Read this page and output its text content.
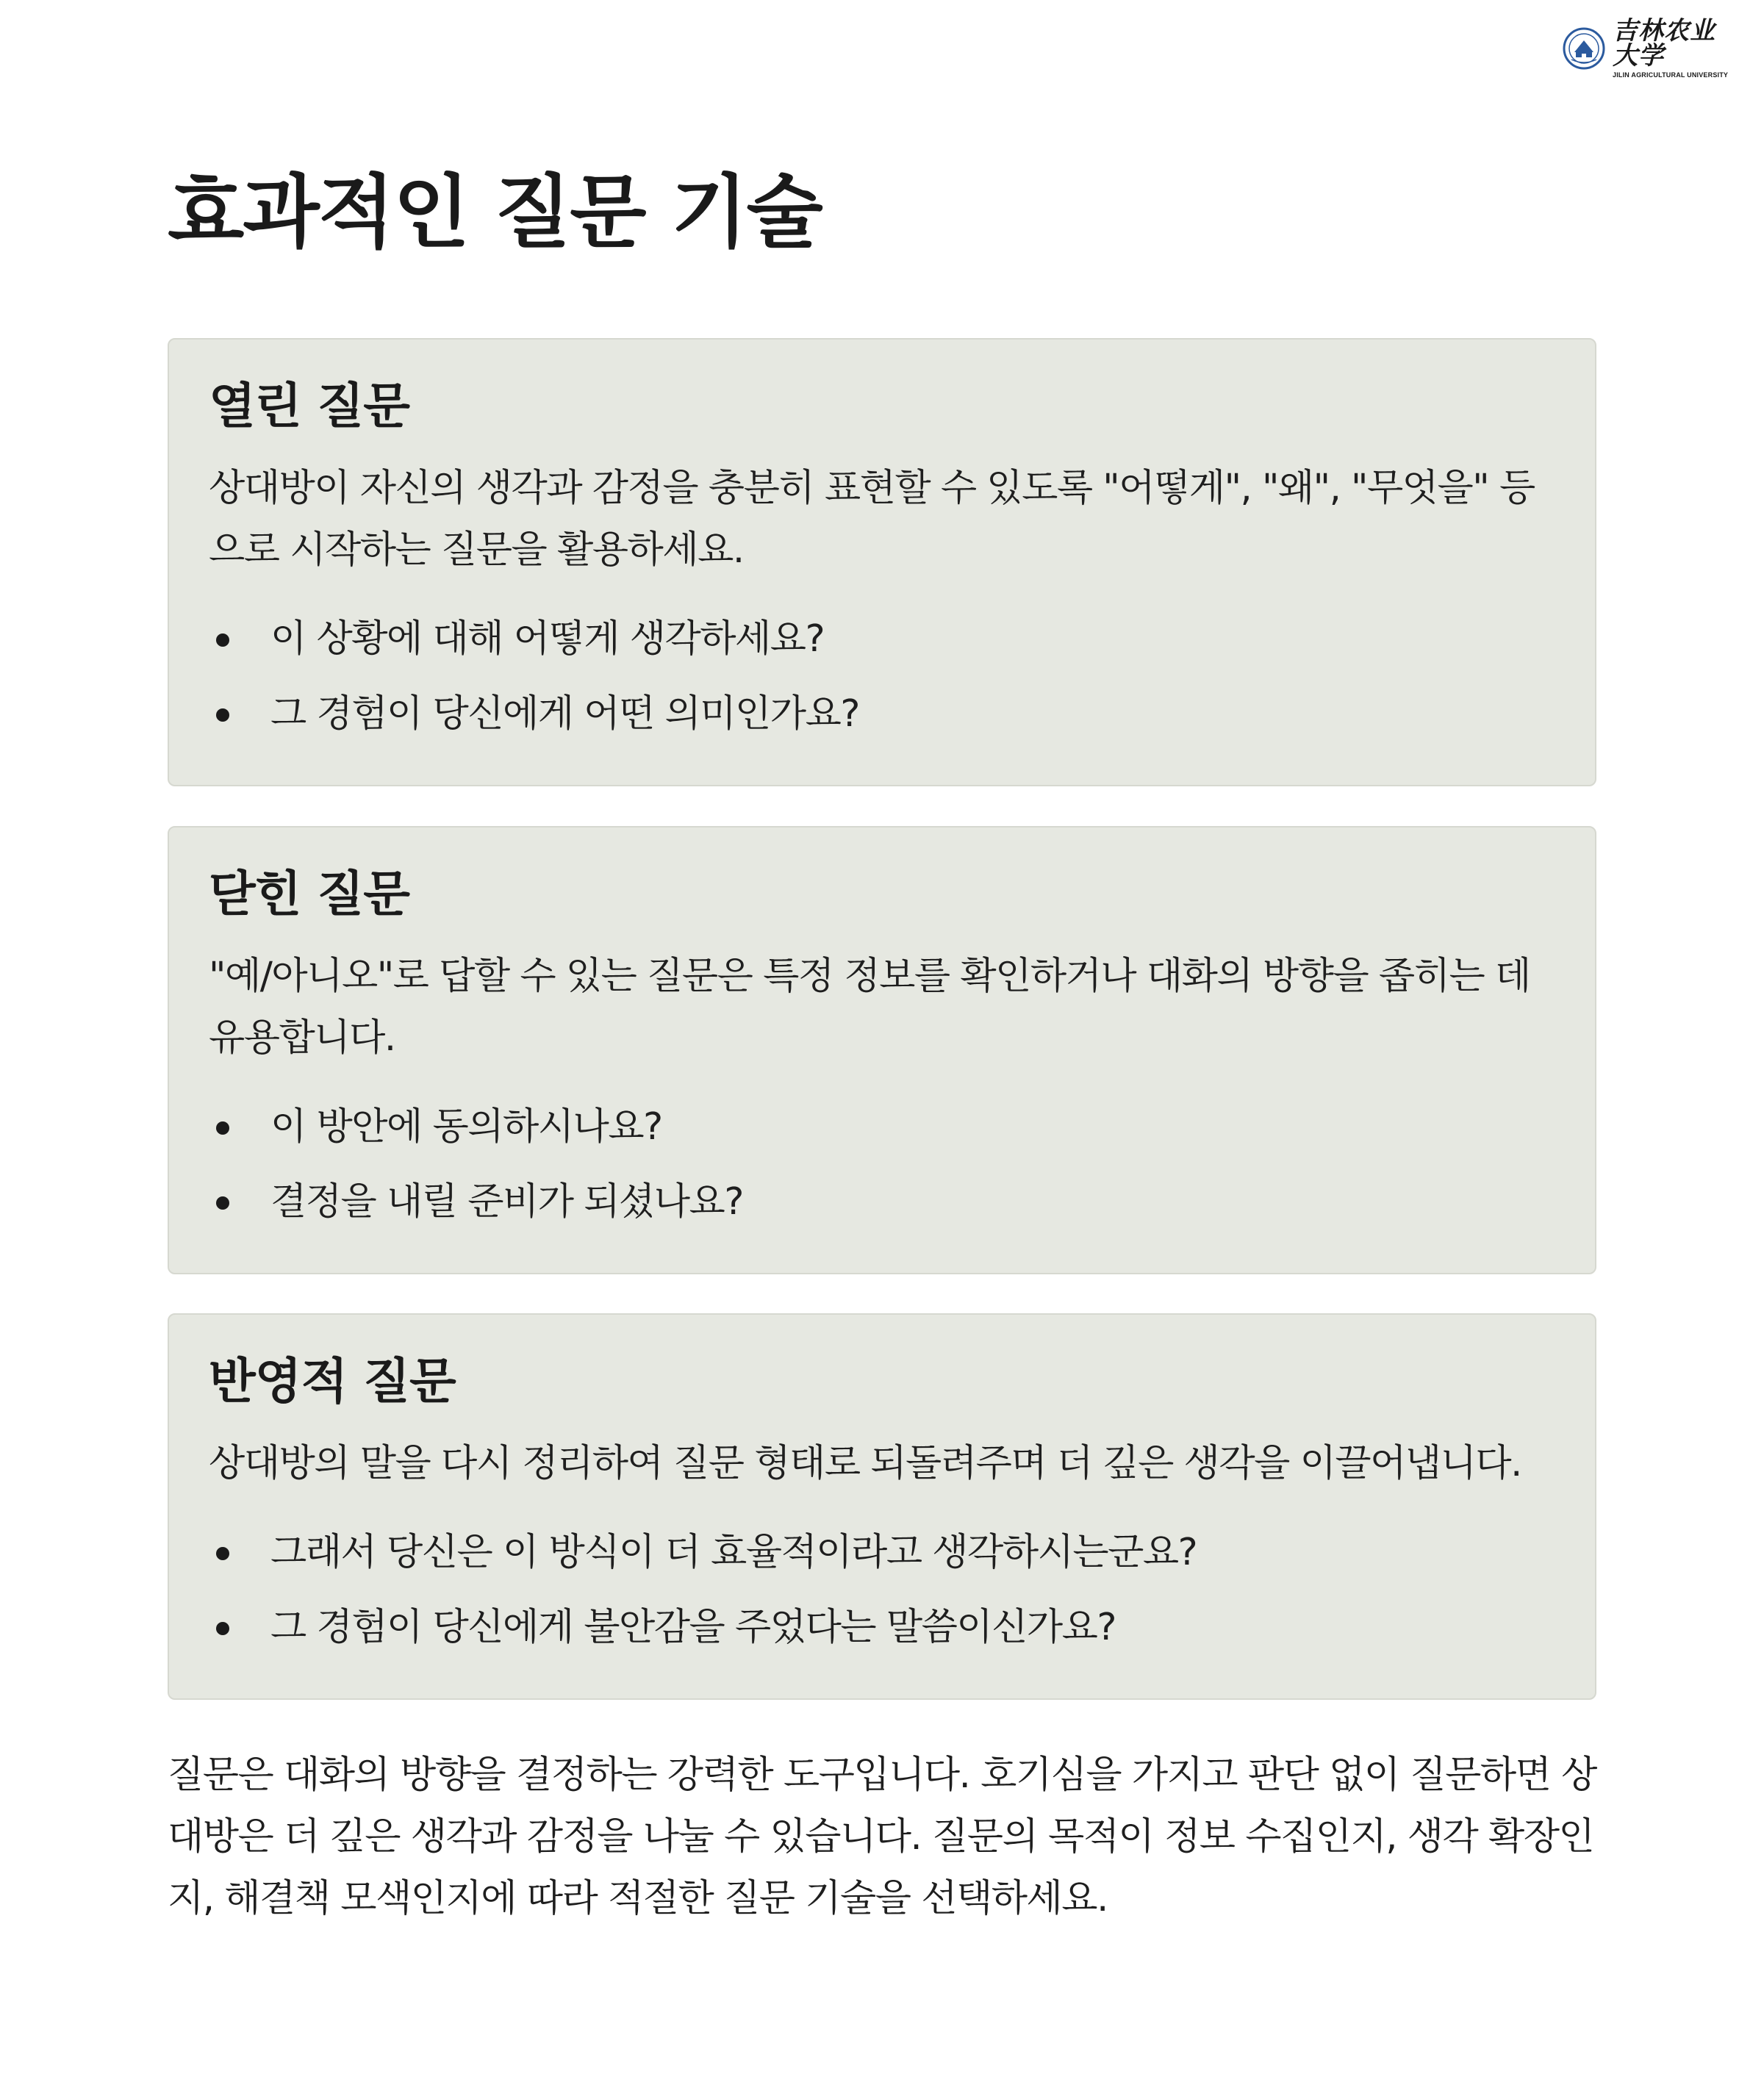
吉林农业大学
JILIN AGRICULTURAL UNIVERSITY
효과적인 질문 기술
열린 질문

상대방이 자신의 생각과 감정을 충분히 표현할 수 있도록 "어떻게", "왜", "무엇을" 등으로 시작하는 질문을 활용하세요.

이 상황에 대해 어떻게 생각하세요?
그 경험이 당신에게 어떤 의미인가요?
닫힌 질문

"예/아니오"로 답할 수 있는 질문은 특정 정보를 확인하거나 대화의 방향을 좁히는 데 유용합니다.

이 방안에 동의하시나요?
결정을 내릴 준비가 되셨나요?
반영적 질문

상대방의 말을 다시 정리하여 질문 형태로 되돌려주며 더 깊은 생각을 이끌어냅니다.

그래서 당신은 이 방식이 더 효율적이라고 생각하시는군요?
그 경험이 당신에게 불안감을 주었다는 말씀이신가요?

질문은 대화의 방향을 결정하는 강력한 도구입니다. 호기심을 가지고 판단 없이 질문하면 상대방은 더 깊은 생각과 감정을 나눌 수 있습니다. 질문의 목적이 정보 수집인지, 생각 확장인지, 해결책 모색인지에 따라 적절한 질문 기술을 선택하세요.
